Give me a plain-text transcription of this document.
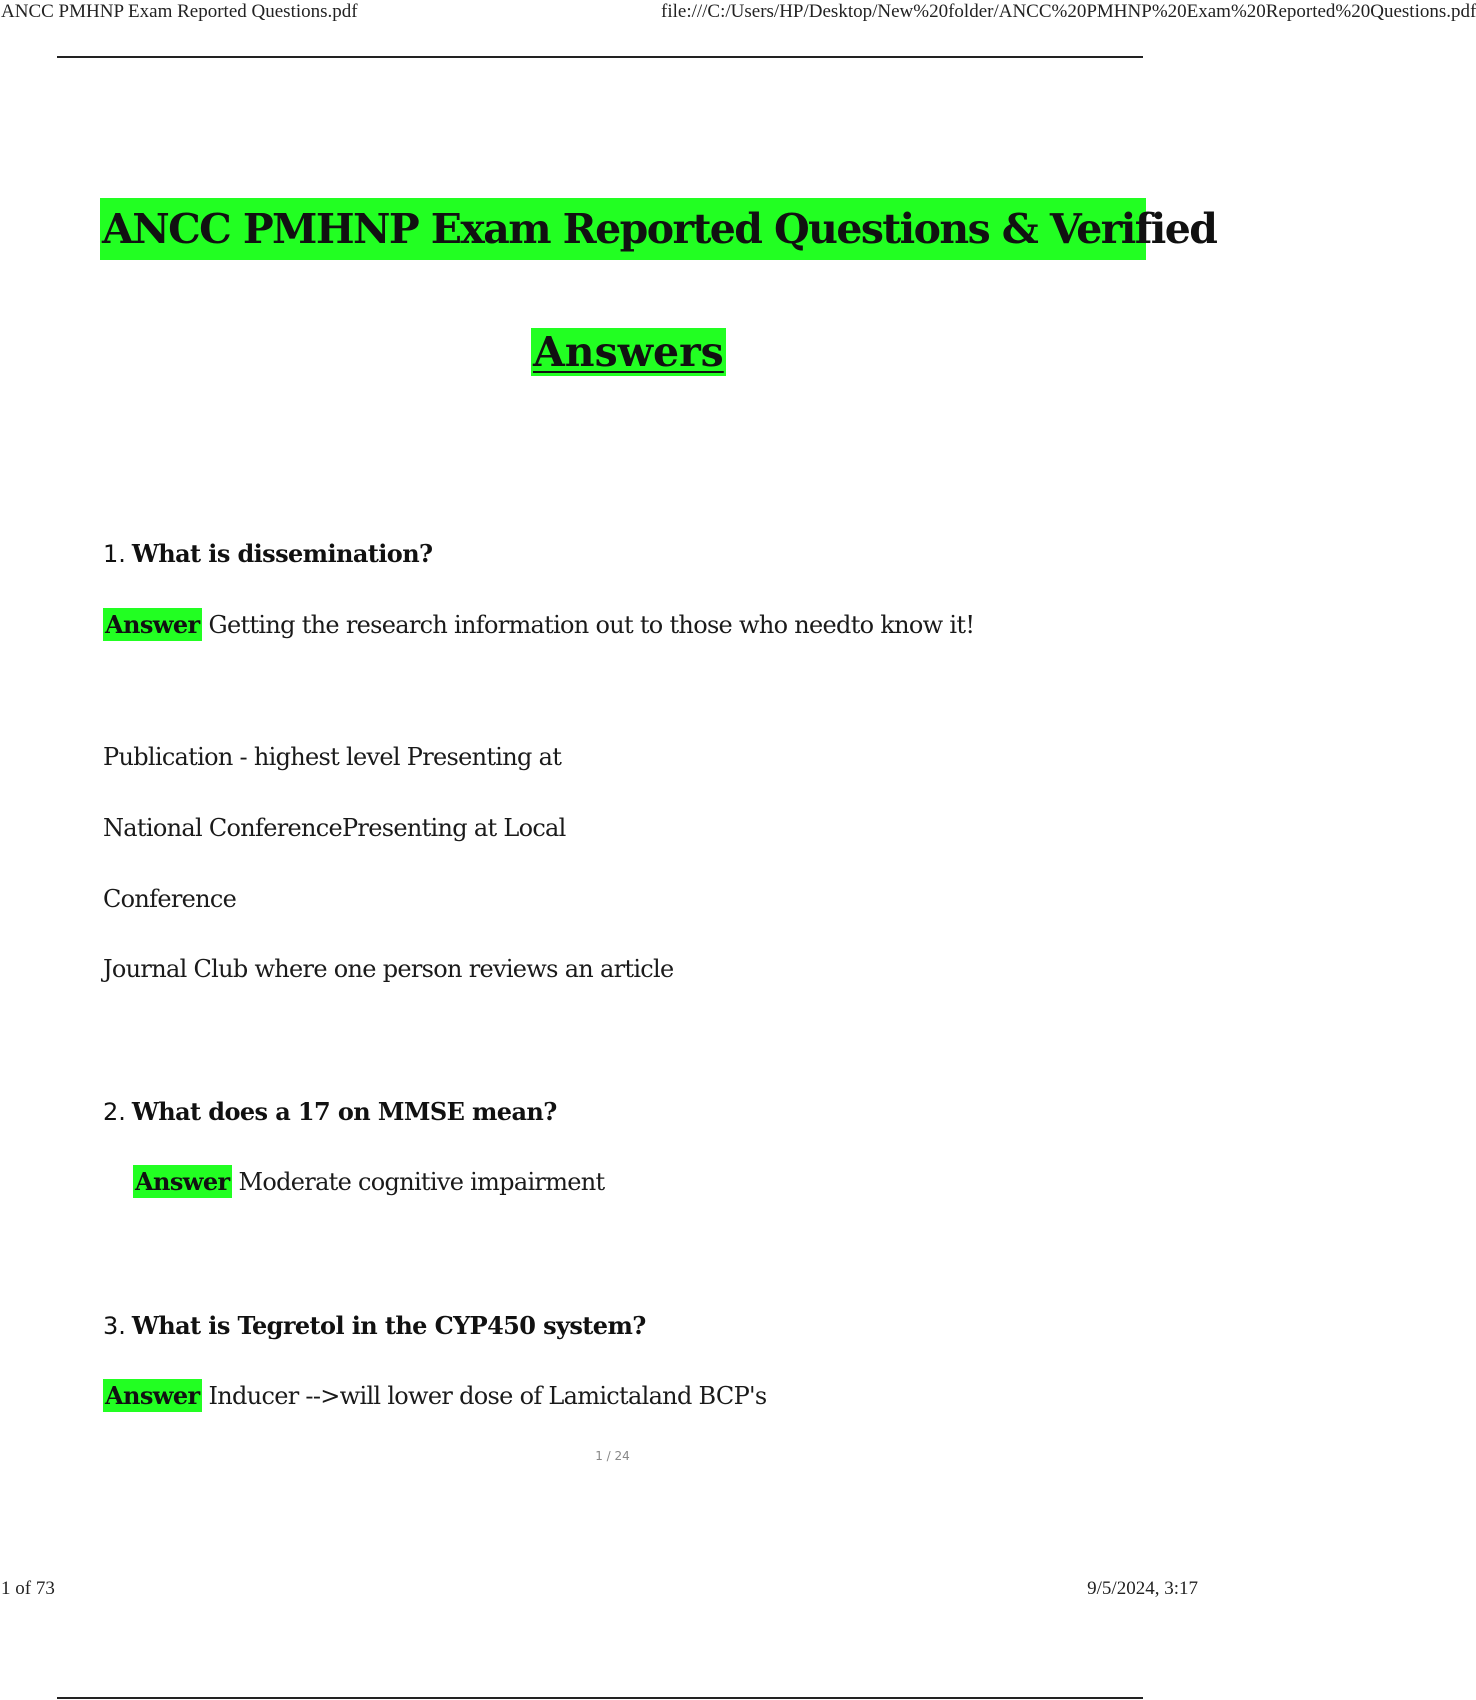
ANCC PMHNP Exam Reported Questions.pdf	file:///C:/Users/HP/Desktop/New%20folder/ANCC%20PMHNP%20Exam%20Reported%20Questions.pdf
ANCC PMHNP Exam Reported Questions & Verified
Answers
1. What is dissemination?
Answer Getting the research information out to those who needto know it!
Publication - highest level Presenting at
National ConferencePresenting at Local
Conference
Journal Club where one person reviews an article
2. What does a 17 on MMSE mean?
Answer Moderate cognitive impairment
3. What is Tegretol in the CYP450 system?
Answer Inducer -->will lower dose of Lamictaland BCP's
1 / 24
1 of 73	9/5/2024, 3:17
